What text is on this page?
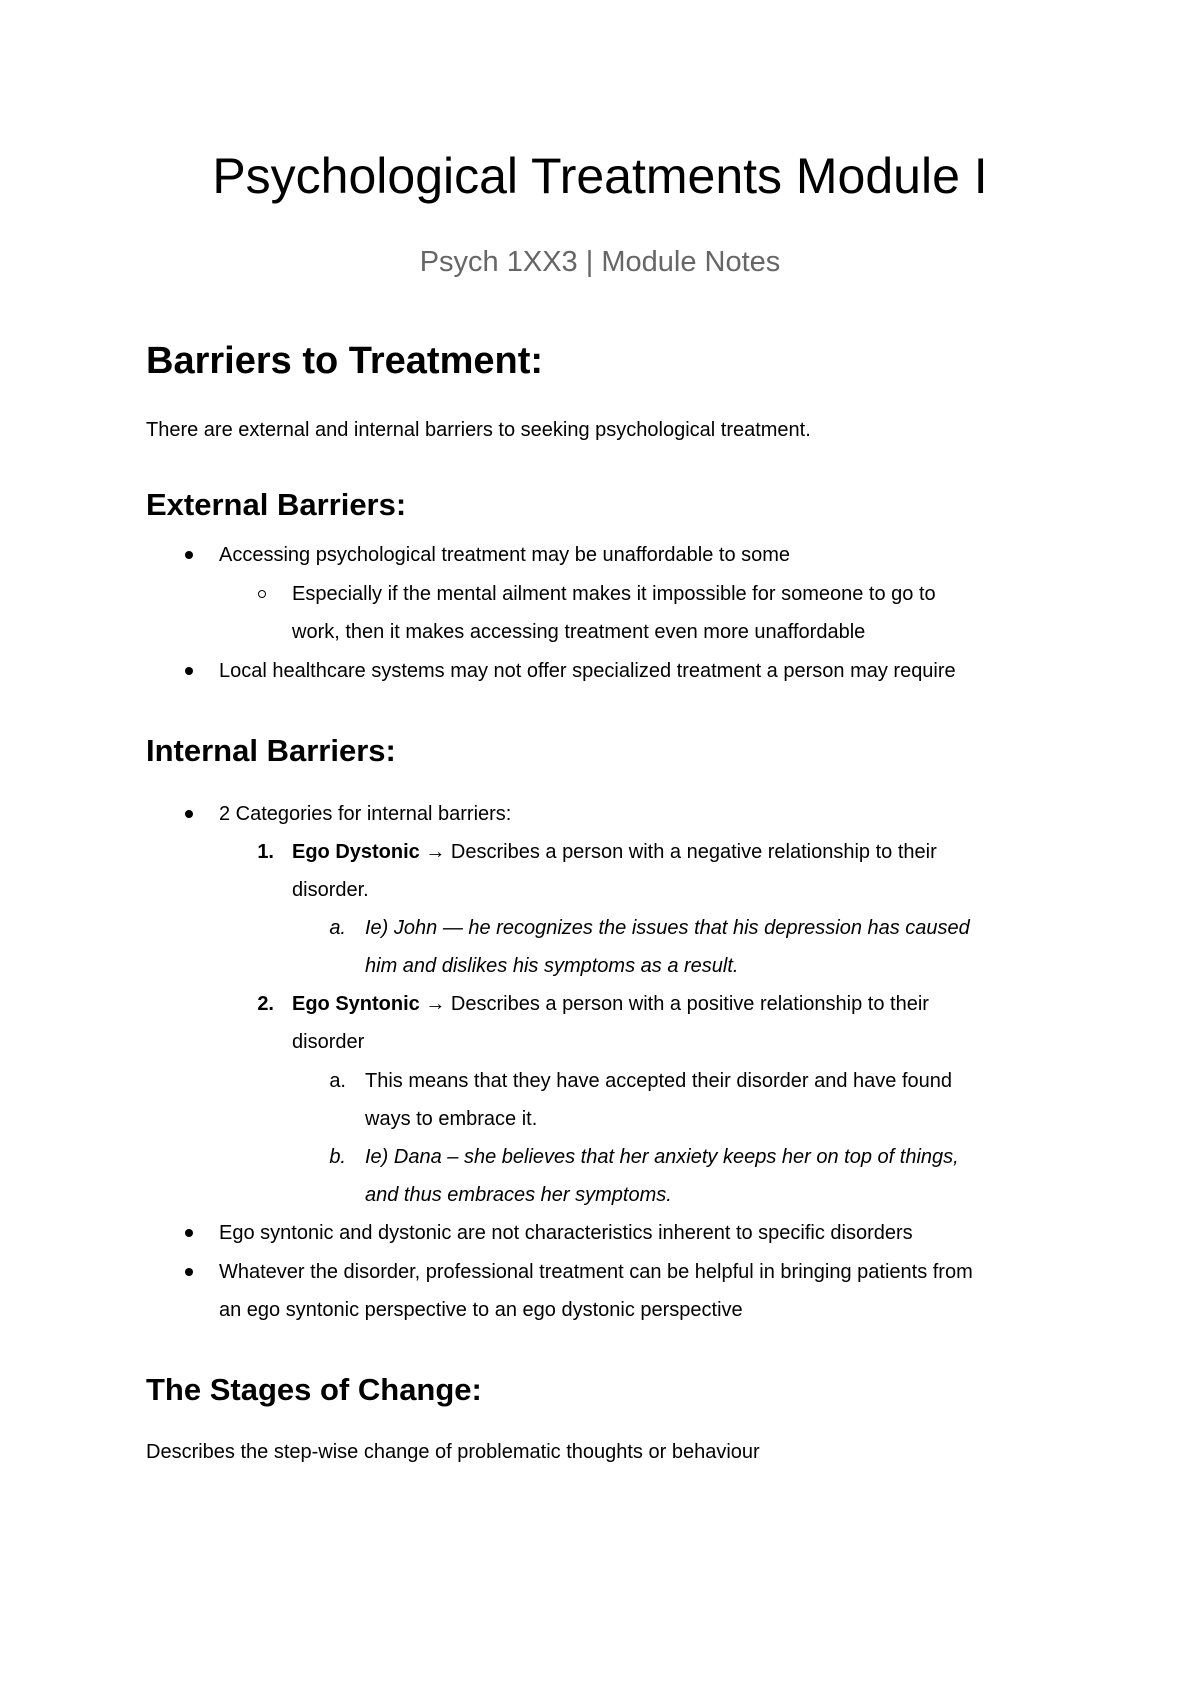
Psychological Treatments Module I

Psych 1XX3 | Module Notes

Barriers to Treatment:

There are external and internal barriers to seeking psychological treatment.

External Barriers:
Accessing psychological treatment may be unaffordable to some
Especially if the mental ailment makes it impossible for someone to go to
work, then it makes accessing treatment even more unaffordable
Local healthcare systems may not offer specialized treatment a person may require
Internal Barriers:
2 Categories for internal barriers:
1. Ego Dystonic → Describes a person with a negative relationship to their
disorder.
a. Ie) John — he recognizes the issues that his depression has caused
him and dislikes his symptoms as a result.
2. Ego Syntonic → Describes a person with a positive relationship to their
disorder
a. This means that they have accepted their disorder and have found
ways to embrace it.
b. Ie) Dana – she believes that her anxiety keeps her on top of things,
and thus embraces her symptoms.
Ego syntonic and dystonic are not characteristics inherent to specific disorders
Whatever the disorder, professional treatment can be helpful in bringing patients from
an ego syntonic perspective to an ego dystonic perspective
The Stages of Change:

Describes the step-wise change of problematic thoughts or behaviour
